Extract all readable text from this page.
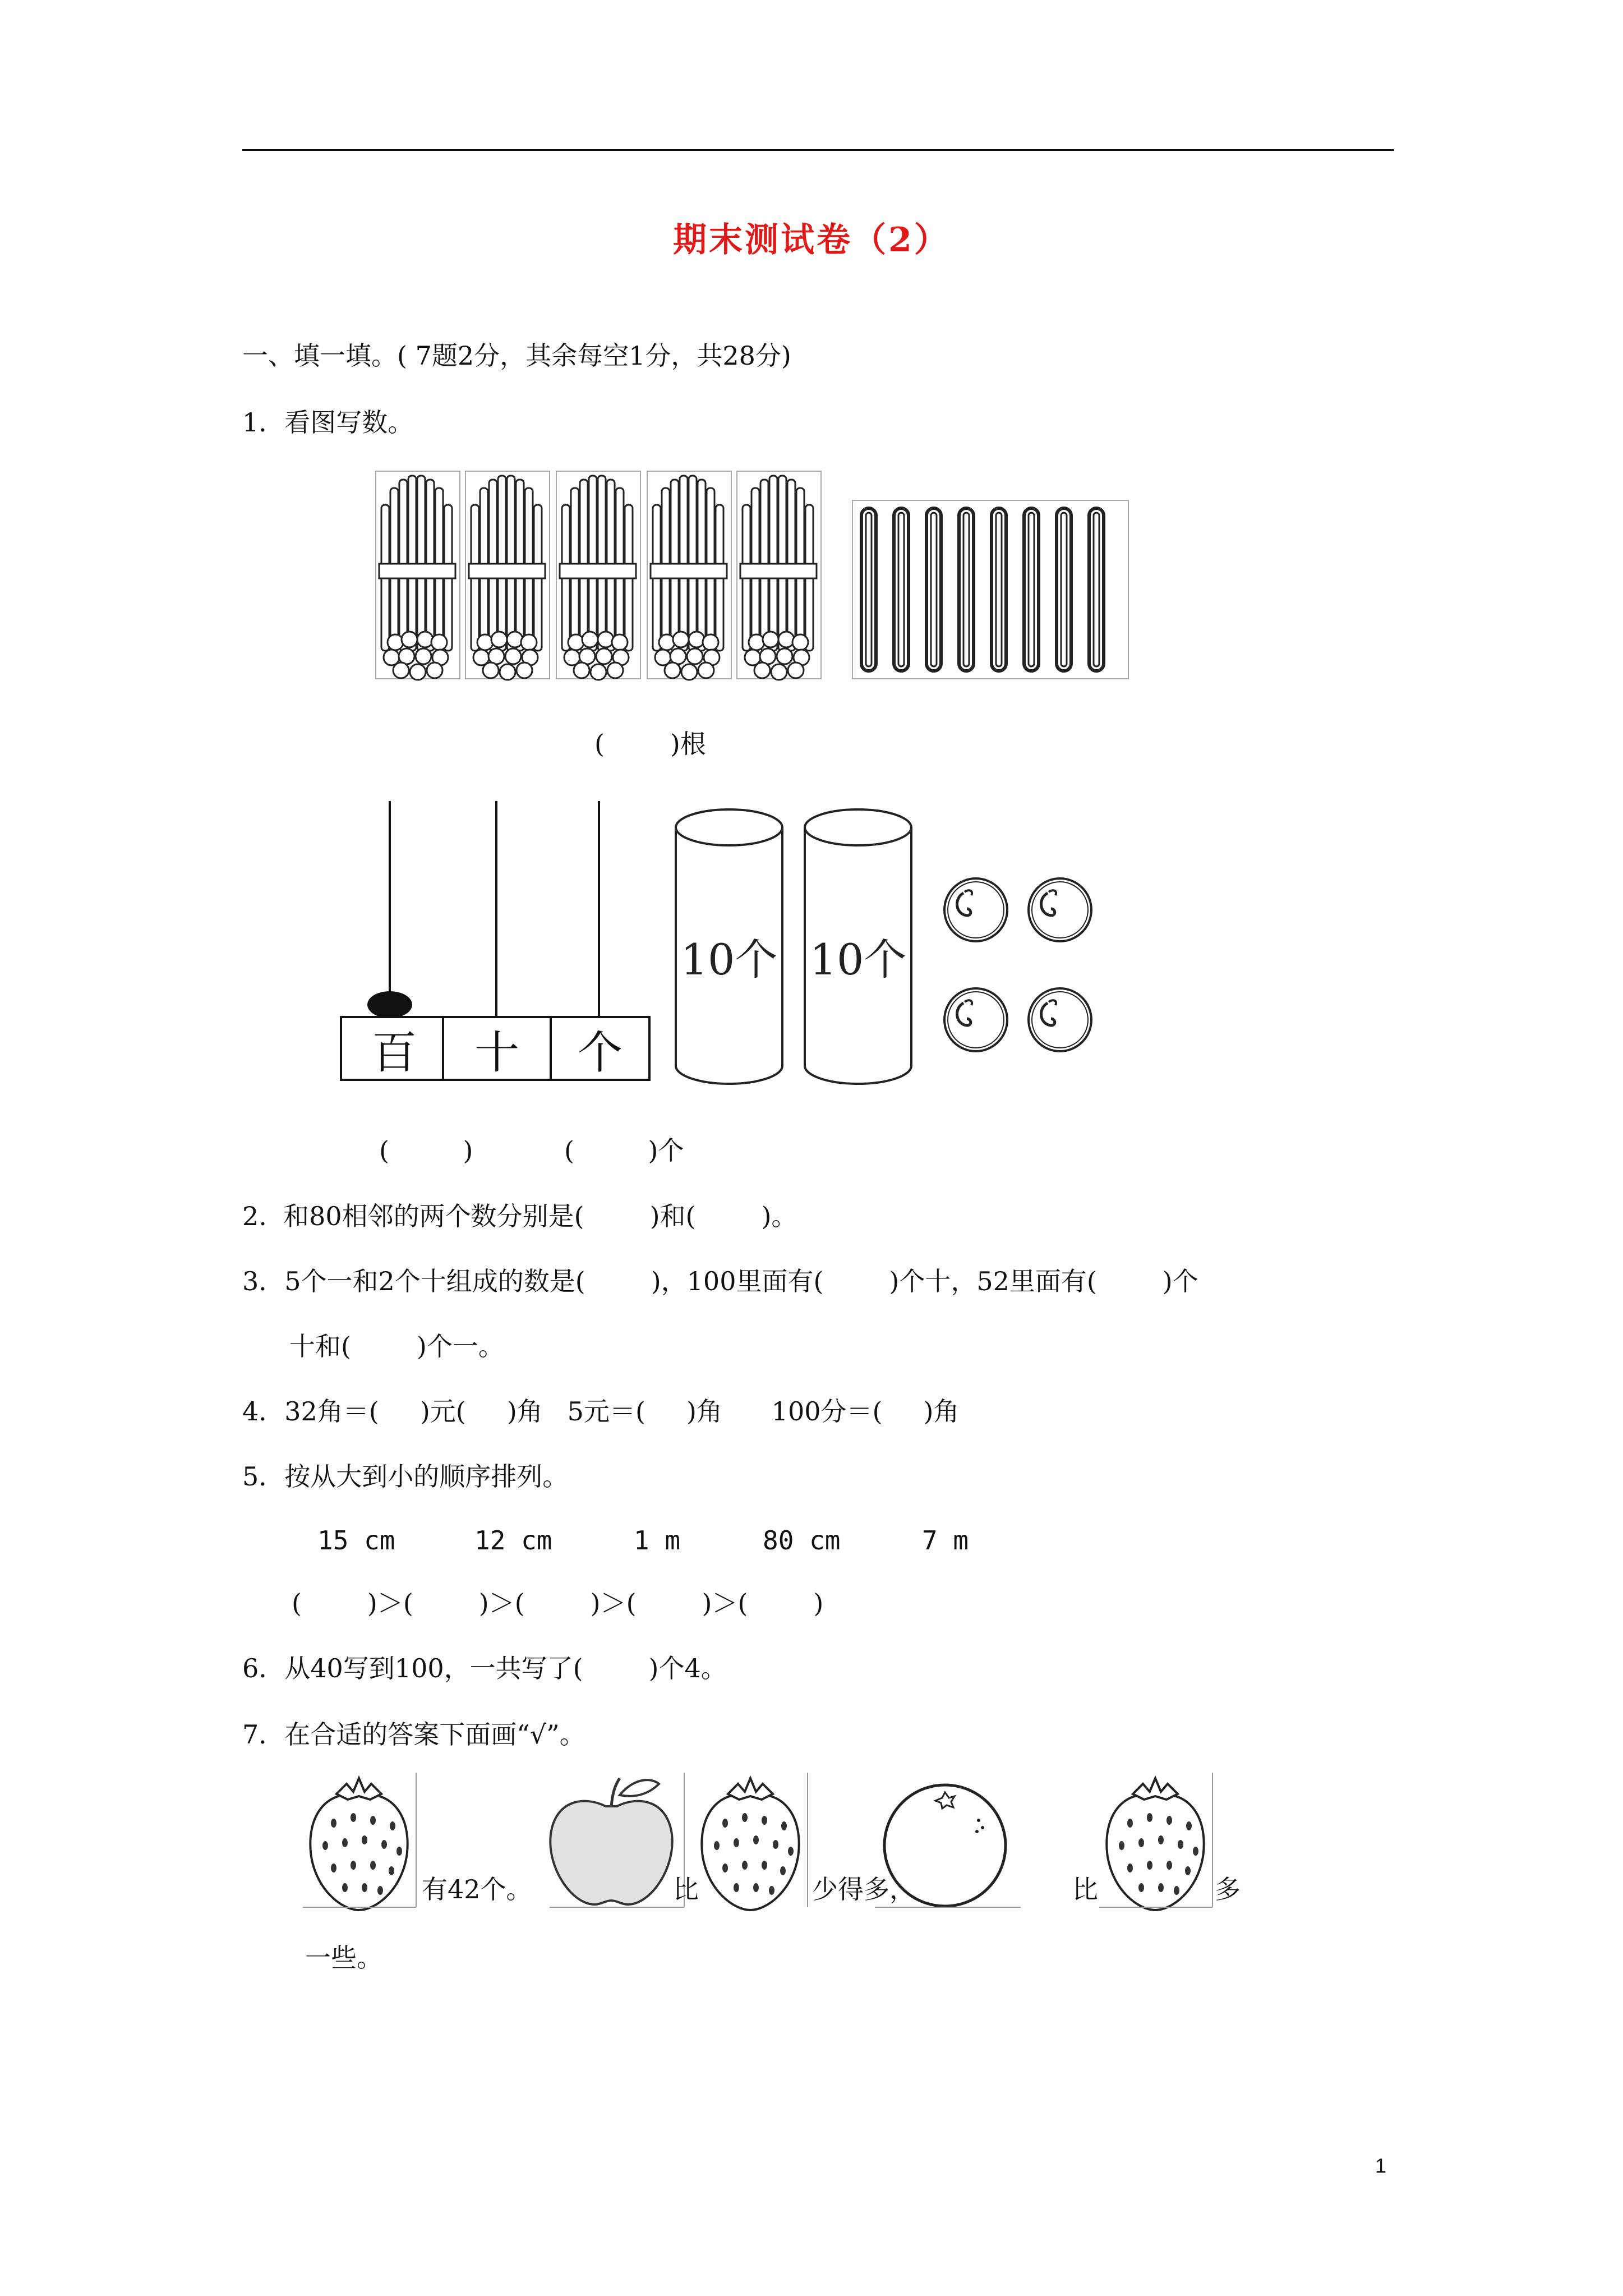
期末测试卷（2）
一、填一填。( 7题2分，其余每空1分，共28分)
1．看图写数。
(        )根
百	十	个
10个 10个
(         )	(         )个
2.  和80相邻的两个数分别是(        )和(        )。
3．5个一和2个十组成的数是(        )，100里面有(        )个十，52里面有(        )个
十和(        )个一。
4．32角＝(     )元(     )角   5元＝(     )角      100分＝(     )角
5．按从大到小的顺序排列。
15 cm	12 cm	1 m	80 cm	7 m
(        )＞(        )＞(        )＞(        )＞(        )
6．从40写到100，一共写了(        )个4。
7．在合适的答案下面画“√”。
有42个。	比	少得多，	比	多
一些。
1
